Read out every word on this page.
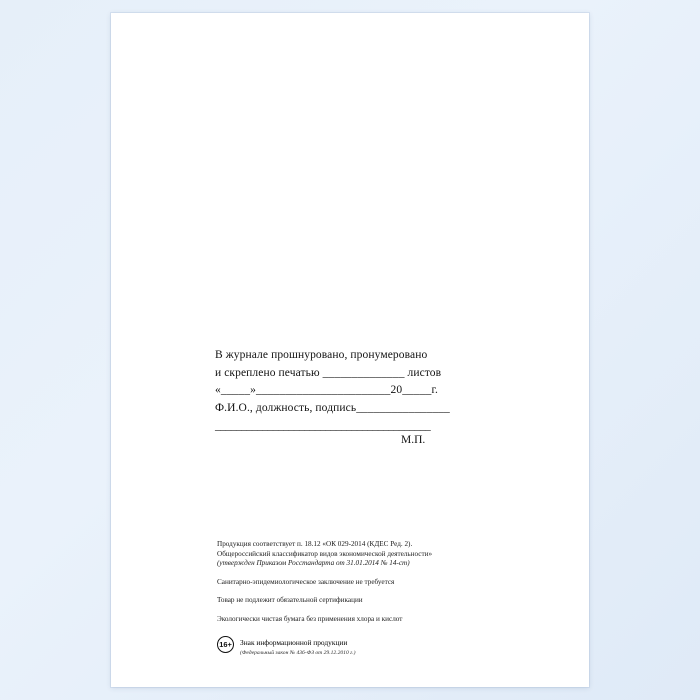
В журнале прошнуровано, пронумеровано
и скреплено печатью ______________ листов
«_____»_______________________20_____г.
Ф.И.О., должность, подпись________________
_________________________________________
М.П.

Продукция соответствует п. 18.12 «ОК 029-2014 (КДЕС Ред. 2).

Общероссийский классификатор видов экономической деятельности»

(утвержден Приказом Росстандарта от 31.01.2014 № 14-ст)

Санитарно-эпидемиологическое заключение не требуется

Товар не подлежит обязательной сертификации

Экологически чистая бумага без применения хлора и кислот

16+	Знак информационной продукции
(Федеральный закон № 436-ФЗ от 29.12.2010 г.)
